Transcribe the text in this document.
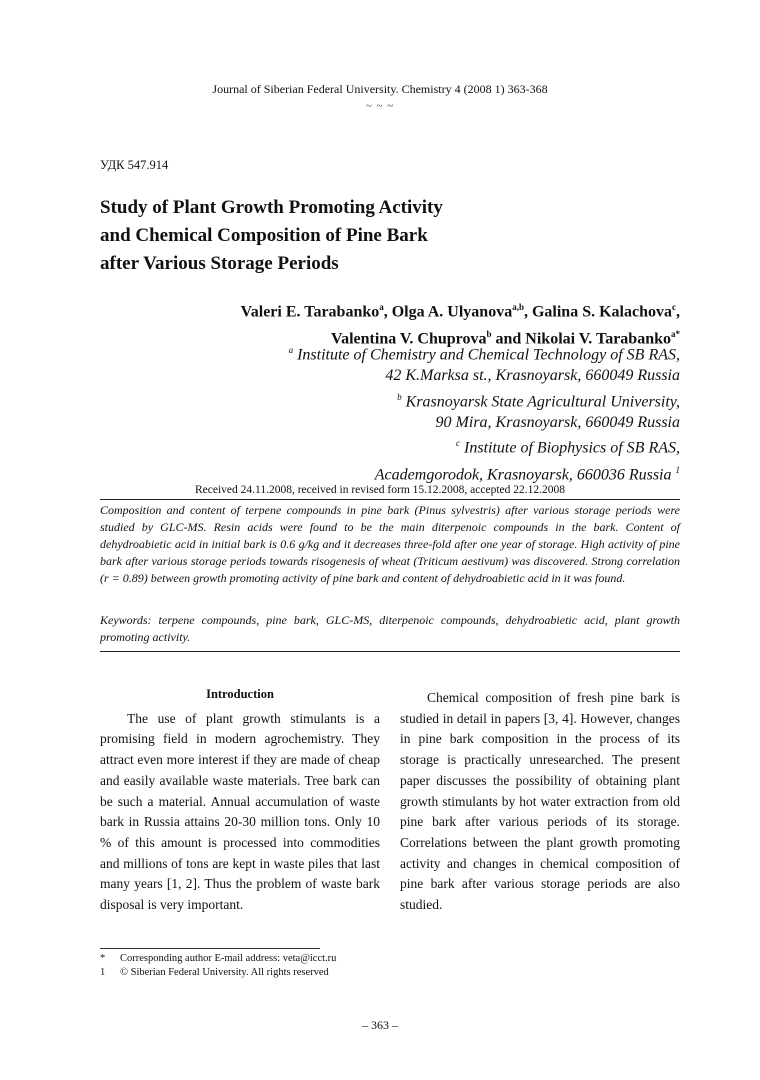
Journal of Siberian Federal University. Chemistry 4 (2008 1) 363-368
~ ~ ~
УДК 547.914
Study of Plant Growth Promoting Activity
and Chemical Composition of Pine Bark
after Various Storage Periods
Valeri E. Tarabanko$^a$, Olga A. Ulyanova$^{a,b}$, Galina S. Kalachova$^c$,
Valentina V. Chuprova$^b$ and Nikolai V. Tarabanko$^{a*}$
$^a$ Institute of Chemistry and Chemical Technology of SB RAS,
42 K.Marksa st., Krasnoyarsk, 660049 Russia
$^b$ Krasnoyarsk State Agricultural University,
90 Mira, Krasnoyarsk, 660049 Russia
$^c$ Institute of Biophysics of SB RAS,
Academgorodok, Krasnoyarsk, 660036 Russia $^1$
Received 24.11.2008, received in revised form 15.12.2008, accepted 22.12.2008
Composition and content of terpene compounds in pine bark (Pinus sylvestris) after various storage periods were studied by GLC-MS. Resin acids were found to be the main diterpenoic compounds in the bark. Content of dehydroabietic acid in initial bark is 0.6 g/kg and it decreases three-fold after one year of storage. High activity of pine bark after various storage periods towards risogenesis of wheat (Triticum aestivum) was discovered. Strong correlation (r = 0.89) between growth promoting activity of pine bark and content of dehydroabietic acid in it was found.
Keywords: terpene compounds, pine bark, GLC-MS, diterpenoic compounds, dehydroabietic acid, plant growth promoting activity.
Introduction

The use of plant growth stimulants is a promising field in modern agrochemistry. They attract even more interest if they are made of cheap and easily available waste materials. Tree bark can be such a material. Annual accumulation of waste bark in Russia attains 20-30 million tons. Only 10 % of this amount is processed into commodities and millions of tons are kept in waste piles that last many years [1, 2]. Thus the problem of waste bark disposal is very important.

Chemical composition of fresh pine bark is studied in detail in papers [3, 4]. However, changes in pine bark composition in the process of its storage is practically unresearched. The present paper discusses the possibility of obtaining plant growth stimulants by hot water extraction from old pine bark after various periods of its storage. Correlations between the plant growth promoting activity and changes in chemical composition of pine bark after various storage periods are also studied.

* Corresponding author E-mail address: veta@icct.ru
1 © Siberian Federal University. All rights reserved
– 363 –
